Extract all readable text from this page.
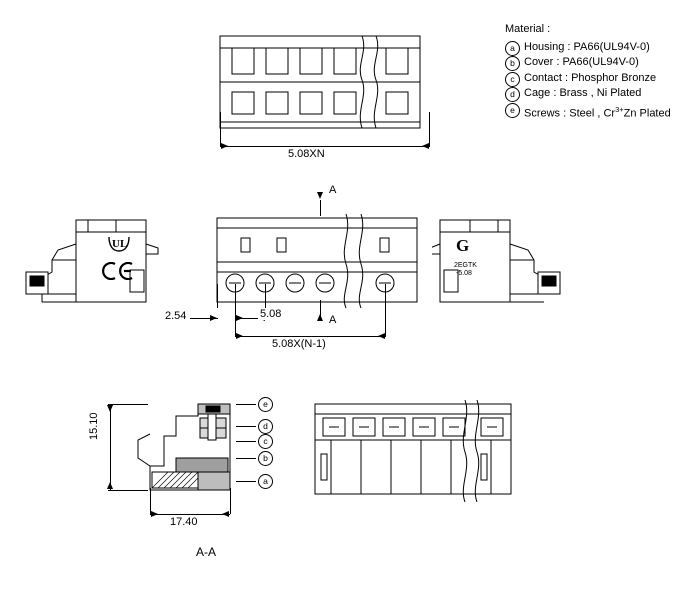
Material :
a Housing : PA66(UL94V-0)
b Cover : PA66(UL94V-0)
c Contact : Phosphor Bronze
d Cage : Brass , Ni Plated
e Screws : Steel , $Cr^{3+}Zn$ Plated
5.08XN
A
A
2.54	5.08
5.08X(N-1)
U L	G
2EGTK
-5.08
e
d
c
b
a
15.10
17.40
A-A
